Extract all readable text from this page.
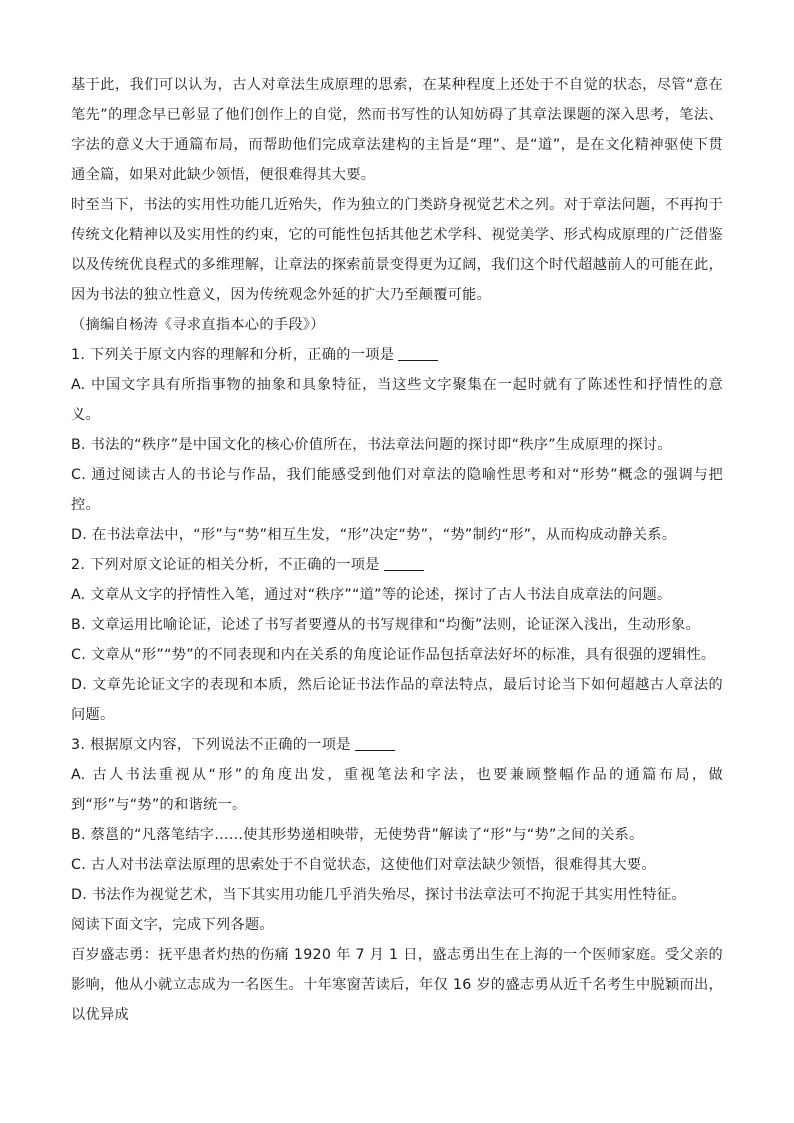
基于此，我们可以认为，古人对章法生成原理的思索，在某种程度上还处于不自觉的状态，尽管“意在笔先”的理念早已彰显了他们创作上的自觉，然而书写性的认知妨碍了其章法课题的深入思考，笔法、字法的意义大于通篇布局，而帮助他们完成章法建构的主旨是“理”、是“道”，是在文化精神驱使下贯通全篇，如果对此缺少领悟，便很难得其大要。

时至当下，书法的实用性功能几近殆失，作为独立的门类跻身视觉艺术之列。对于章法问题，不再拘于传统文化精神以及实用性的约束，它的可能性包括其他艺术学科、视觉美学、形式构成原理的广泛借鉴以及传统优良程式的多维理解，让章法的探索前景变得更为辽阔，我们这个时代超越前人的可能在此，因为书法的独立性意义，因为传统观念外延的扩大乃至颠覆可能。

（摘编自杨涛《寻求直指本心的手段》）

1. 下列关于原文内容的理解和分析，正确的一项是

A. 中国文字具有所指事物的抽象和具象特征，当这些文字聚集在一起时就有了陈述性和抒情性的意义。

B. 书法的“秩序”是中国文化的核心价值所在，书法章法问题的探讨即“秩序”生成原理的探讨。

C. 通过阅读古人的书论与作品，我们能感受到他们对章法的隐喻性思考和对“形势”概念的强调与把控。

D. 在书法章法中，“形”与“势”相互生发，“形”决定“势”，“势”制约“形”，从而构成动静关系。

2. 下列对原文论证的相关分析，不正确的一项是

A. 文章从文字的抒情性入笔，通过对“秩序”“道”等的论述，探讨了古人书法自成章法的问题。

B. 文章运用比喻论证，论述了书写者要遵从的书写规律和“均衡”法则，论证深入浅出，生动形象。

C. 文章从“形”“势”的不同表现和内在关系的角度论证作品包括章法好坏的标准，具有很强的逻辑性。

D. 文章先论证文字的表现和本质，然后论证书法作品的章法特点，最后讨论当下如何超越古人章法的问题。

3. 根据原文内容，下列说法不正确的一项是

A. 古人书法重视从“形”的角度出发，重视笔法和字法，也要兼顾整幅作品的通篇布局，做到“形”与“势”的和谐统一。

B. 蔡邕的“凡落笔结字……使其形势递相映带，无使势背”解读了“形”与“势”之间的关系。

C. 古人对书法章法原理的思索处于不自觉状态，这使他们对章法缺少领悟，很难得其大要。

D. 书法作为视觉艺术，当下其实用功能几乎消失殆尽，探讨书法章法可不拘泥于其实用性特征。

阅读下面文字，完成下列各题。

百岁盛志勇：抚平患者灼热的伤痛 1920 年 7 月 1 日，盛志勇出生在上海的一个医师家庭。受父亲的影响，他从小就立志成为一名医生。十年寒窗苦读后，年仅 16 岁的盛志勇从近千名考生中脱颖而出，以优异成
